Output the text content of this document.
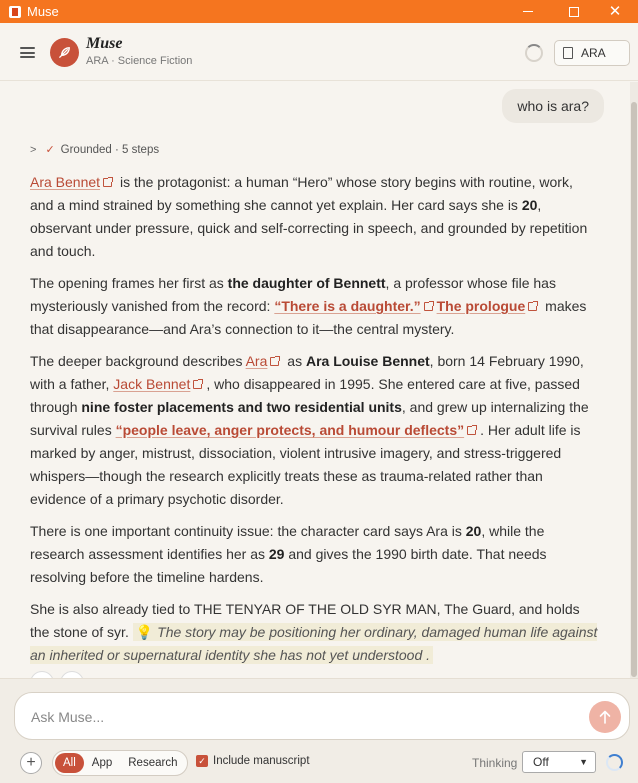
Muse	✕
Muse
ARA · Science Fiction
ARA
who is ara?
> ✓ Grounded · 5 steps

Ara Bennet is the protagonist: a human “Hero” whose story begins with routine, work, and a mind strained by something she cannot yet explain. Her card says she is 20, observant under pressure, quick and self-correcting in speech, and grounded by repetition and touch.

The opening frames her first as the daughter of Bennett, a professor whose file has mysteriously vanished from the record: “There is a daughter.” The prologue makes that disappearance—and Ara’s connection to it—the central mystery.

The deeper background describes Ara as Ara Louise Bennet, born 14 February 1990, with a father, Jack Bennet , who disappeared in 1995. She entered care at five, passed through nine foster placements and two residential units, and grew up internalizing the survival rules “people leave, anger protects, and humour deflects” . Her adult life is marked by anger, mistrust, dissociation, violent intrusive imagery, and stress-triggered whispers—though the research explicitly treats these as trauma-related rather than evidence of a primary psychotic disorder.

There is one important continuity issue: the character card says Ara is 20, while the research assessment identifies her as 29 and gives the 1990 birth date. That needs resolving before the timeline hardens.

She is also already tied to THE TENYAR OF THE OLD SYR MAN, The Guard, and holds the stone of syr. 💡 The story may be positioning her ordinary, damaged human life against an inherited or supernatural identity she has not yet understood .

Ask Muse...
+	All	App	Research	✓ Include manuscript	Thinking	Off	▼
